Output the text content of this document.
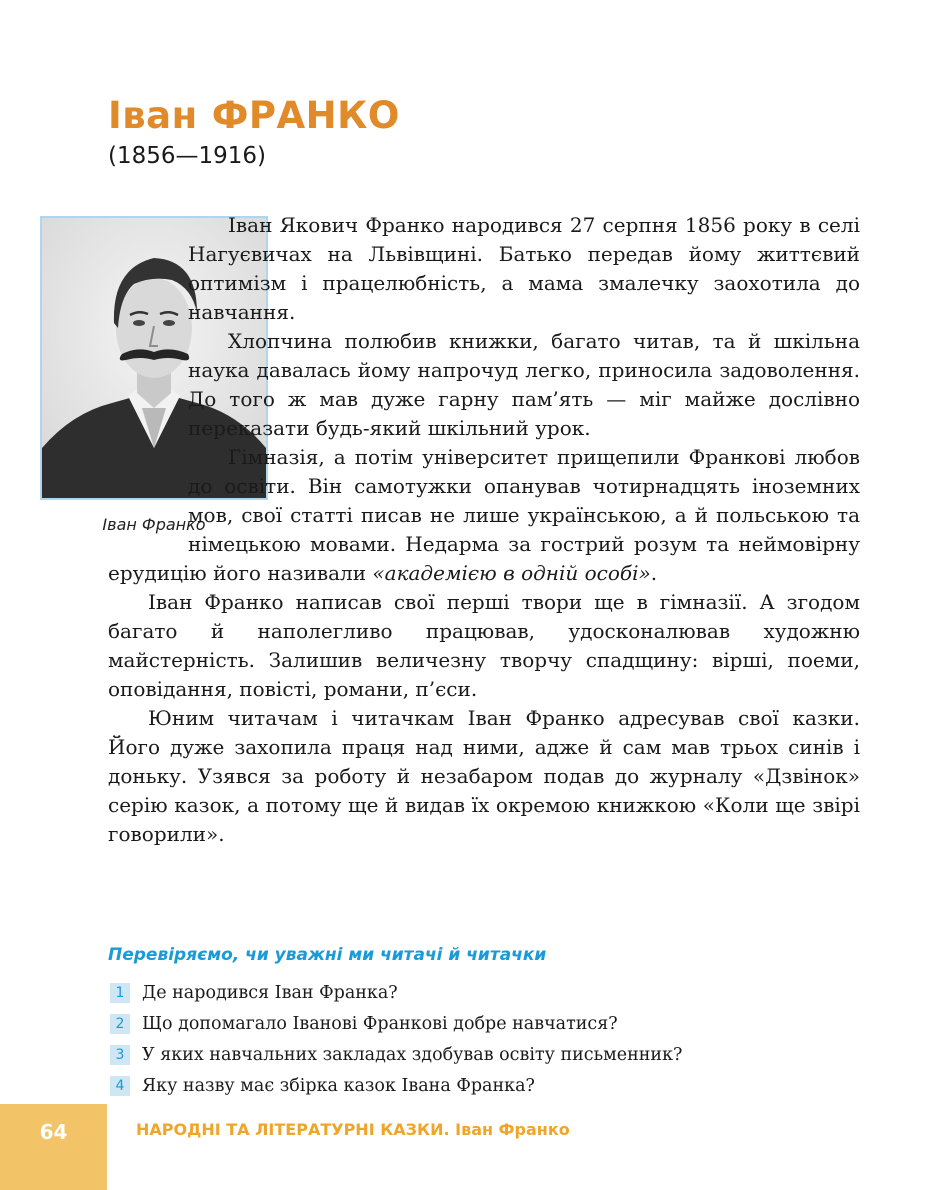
Іван ФРАНКО
(1856—1916)
Іван Франко

Іван Якович Франко народився 27 серпня 1856 року в селі Нагуєвичах на Львівщині. Батько передав йому життєвий оптимізм і працелюбність, а мама змалечку заохотила до навчання.

Хлопчина полюбив книжки, багато читав, та й шкільна наука давалась йому напрочуд легко, приносила задоволення. До того ж мав дуже гарну пам’ять — міг майже дослівно переказати будь-який шкільний урок.

Гімназія, а потім університет прищепили Франкові любов до освіти. Він самотужки опанував чотирнадцять іноземних мов, свої статті писав не лише українською, а й польською та німецькою мовами. Недарма за гострий розум та неймовірну ерудицію його називали «академією в одній особі».

Іван Франко написав свої перші твори ще в гімназії. А згодом багато й наполегливо працював, удосконалював художню майстерність. Залишив величезну творчу спадщину: вірші, поеми, оповідання, повісті, романи, п’єси.

Юним читачам і читачкам Іван Франко адресував свої казки. Його дуже захопила праця над ними, адже й сам мав трьох синів і доньку. Узявся за роботу й незабаром подав до журналу «Дзвінок» серію казок, а потому ще й видав їх окремою книжкою «Коли ще звірі говорили».

Перевіряємо, чи уважні ми читачі й читачки
1	Де народився Іван Франка?
2	Що допомагало Іванові Франкові добре навчатися?
3	У яких навчальних закладах здобував освіту письменник?
4	Яку назву має збірка казок Івана Франка?
64	НАРОДНІ ТА ЛІТЕРАТУРНІ КАЗКИ. Іван Франко
